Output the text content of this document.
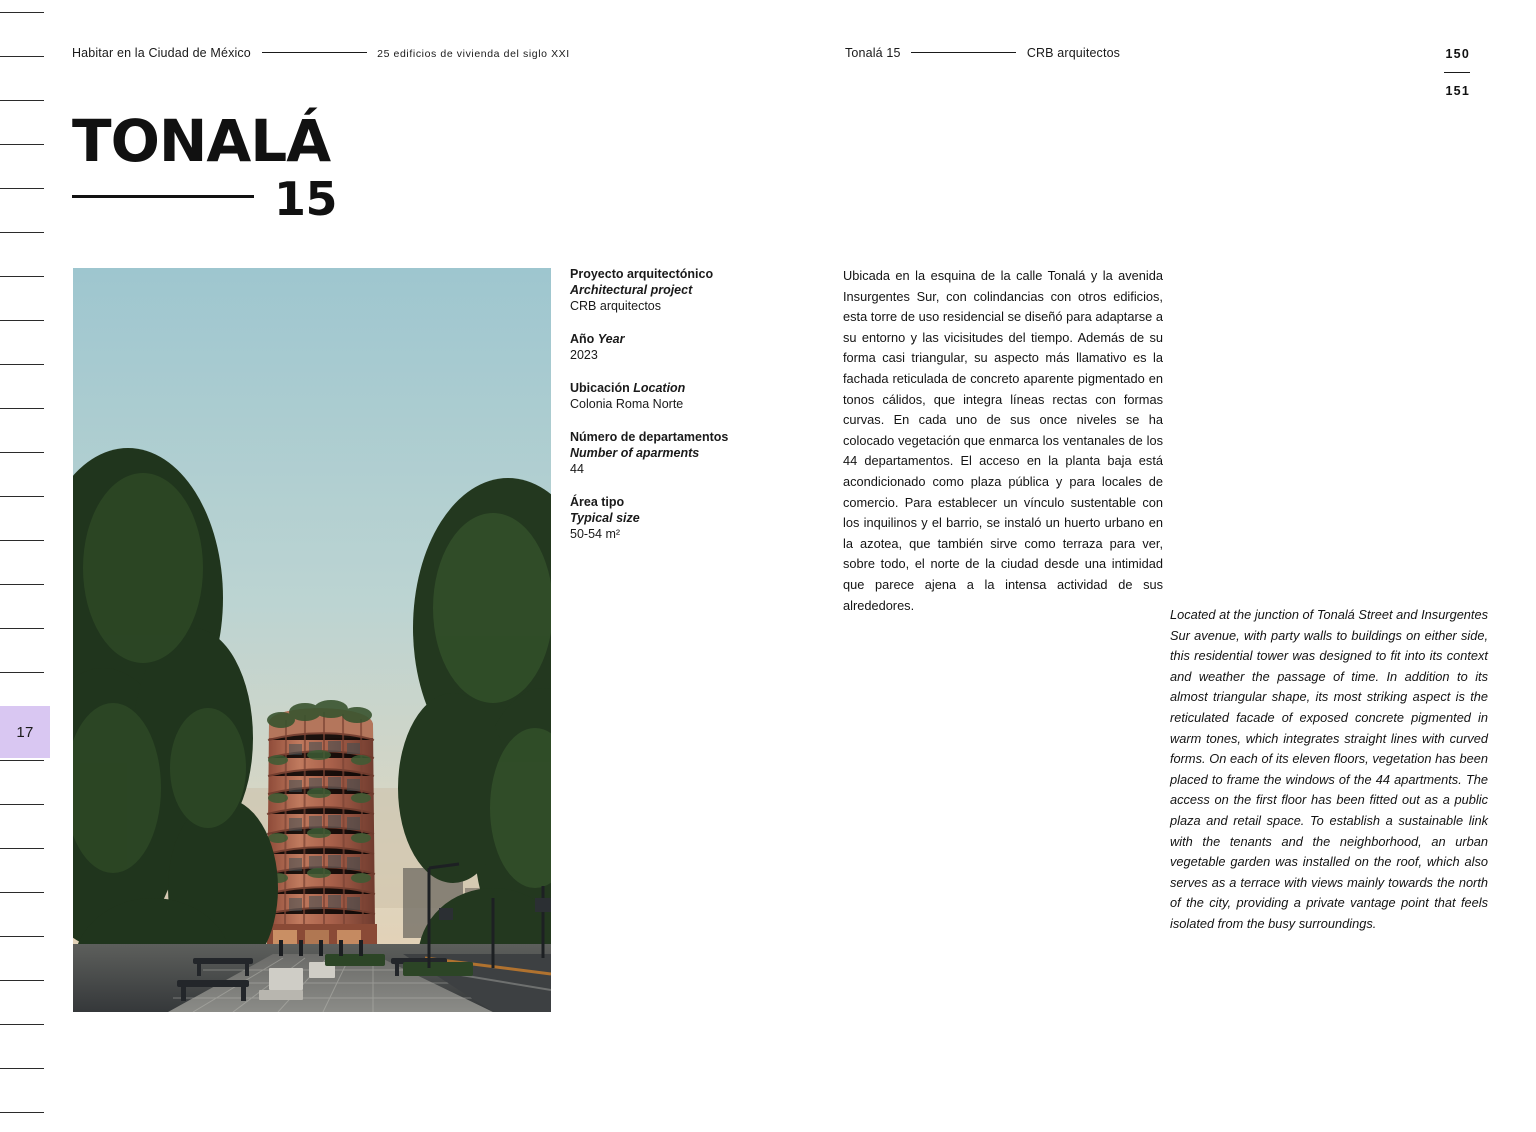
17
Habitar en la Ciudad de México	25 edificios de vivienda del siglo XXI	Tonalá 15	CRB arquitectos	150
151
TONALÁ
15
Proyecto arquitectónico
Architectural project
CRB arquitectos
Año Year
2023
Ubicación Location
Colonia Roma Norte
Número de departamentos
Number of aparments
44
Área tipo
Typical size
50-54 m²
Ubicada en la esquina de la calle Tonalá y la avenida Insurgentes Sur, con colindancias con otros edificios, esta torre de uso residencial se diseñó para adaptarse a su entorno y las vicisitudes del tiempo. Además de su forma casi triangular, su aspecto más llamativo es la fachada reticulada de concreto aparente pigmentado en tonos cálidos, que integra líneas rectas con formas curvas. En cada uno de sus once niveles se ha colocado vegetación que enmarca los ventanales de los 44 departamentos. El acceso en la planta baja está acondicionado como plaza pública y para locales de comercio. Para establecer un vínculo sustentable con los inquilinos y el barrio, se instaló un huerto urbano en la azotea, que también sirve como terraza para ver, sobre todo, el norte de la ciudad desde una intimidad que parece ajena a la intensa actividad de sus alrededores.
Located at the junction of Tonalá Street and Insurgentes Sur avenue, with party walls to buildings on either side, this residential tower was designed to fit into its context and weather the passage of time. In addition to its almost triangular shape, its most striking aspect is the reticulated facade of exposed concrete pigmented in warm tones, which integrates straight lines with curved forms. On each of its eleven floors, vegetation has been placed to frame the windows of the 44 apartments. The access on the first floor has been fitted out as a public plaza and retail space. To establish a sustainable link with the tenants and the neighborhood, an urban vegetable garden was installed on the roof, which also serves as a terrace with views mainly towards the north of the city, providing a private vantage point that feels isolated from the busy surroundings.
